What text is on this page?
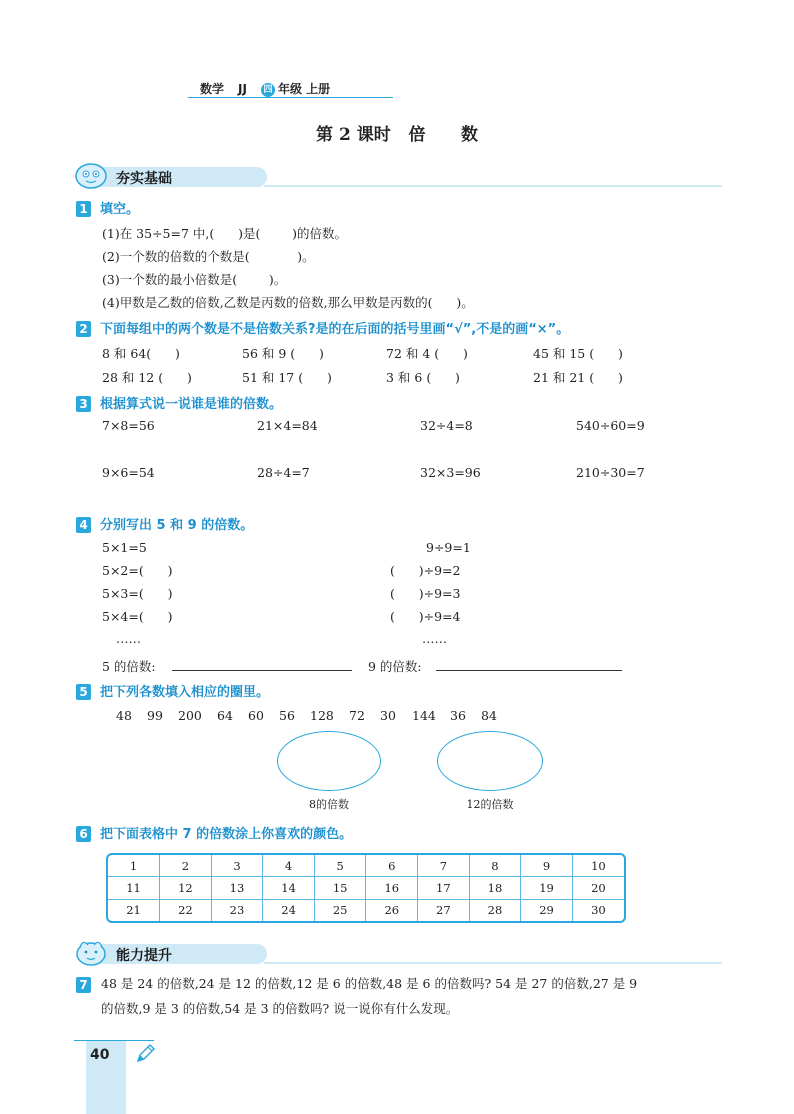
数学 JJ 四 年级 上册
第 2 课时   倍      数
夯实基础
1 填空。
(1)在 35÷5=7 中,(      )是(        )的倍数。
(2)一个数的倍数的个数是(            )。
(3)一个数的最小倍数是(        )。
(4)甲数是乙数的倍数,乙数是丙数的倍数,那么甲数是丙数的(      )。
2 下面每组中的两个数是不是倍数关系?是的在后面的括号里画“√”,不是的画“×”。
8 和 64(      )	56 和 9 (      )	72 和 4 (      )	45 和 15 (      )
28 和 12 (      )	51 和 17 (      )	3 和 6 (      )	21 和 21 (      )
3 根据算式说一说谁是谁的倍数。
7×8=56	21×4=84	32÷4=8	540÷60=9
9×6=54	28÷4=7	32×3=96	210÷30=7
4 分别写出 5 和 9 的倍数。
5×1=5
5×2=(      )
5×3=(      )
5×4=(      )
……
9÷9=1
(      )÷9=2
(      )÷9=3
(      )÷9=4
……
5 的倍数:	9 的倍数:
5 把下列各数填入相应的圈里。
48 99 200 64 60 56 128 72 30 144 36 84
8的倍数	12的倍数
6 把下面表格中 7 的倍数涂上你喜欢的颜色。
1	2	3	4	5	6	7	8	9	10
11	12	13	14	15	16	17	18	19	20
21	22	23	24	25	26	27	28	29	30
能力提升
7	48 是 24 的倍数,24 是 12 的倍数,12 是 6 的倍数,48 是 6 的倍数吗? 54 是 27 的倍数,27 是 9
的倍数,9 是 3 的倍数,54 是 3 的倍数吗? 说一说你有什么发现。
40
